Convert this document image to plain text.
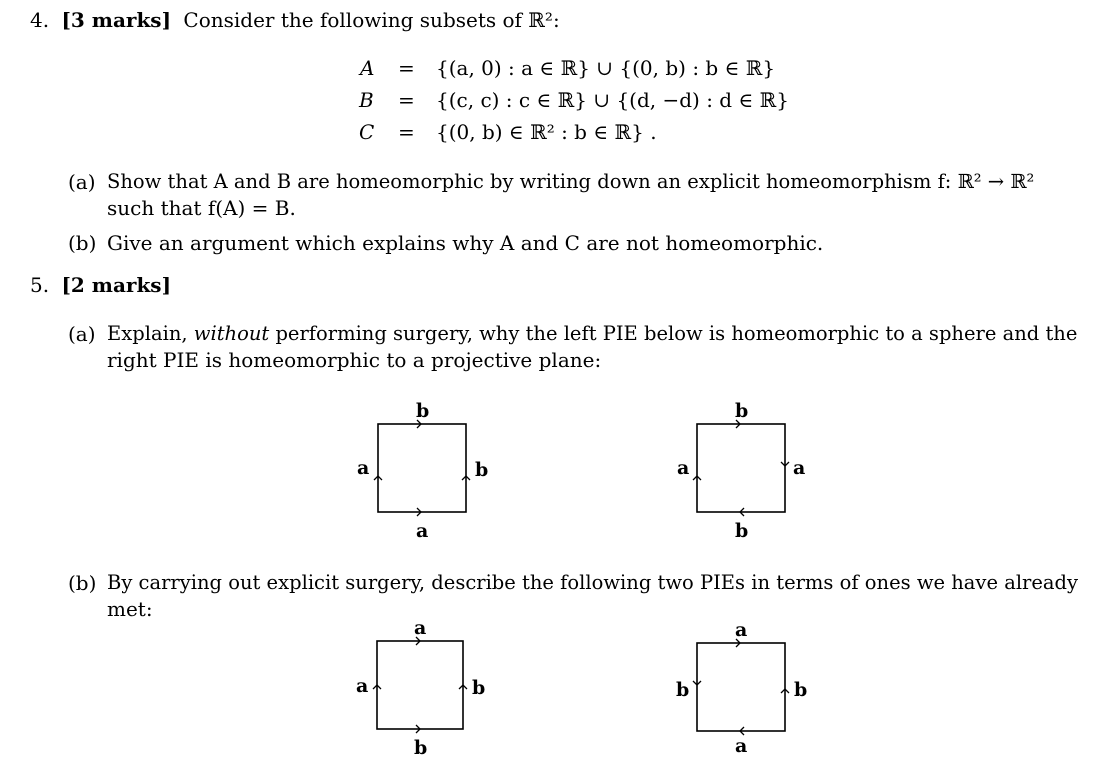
4. [3 marks] Consider the following subsets of ℝ²:
A = {(a, 0) : a ∈ ℝ} ∪ {(0, b) : b ∈ ℝ}
B = {(c, c) : c ∈ ℝ} ∪ {(d, −d) : d ∈ ℝ}
C = {(0, b) ∈ ℝ² : b ∈ ℝ} .
(a) Show that A and B are homeomorphic by writing down an explicit homeomorphism f: ℝ² → ℝ²
such that f(A) = B.
(b) Give an argument which explains why A and C are not homeomorphic.
5. [2 marks]
(a) Explain, without performing surgery, why the left PIE below is homeomorphic to a sphere and the
right PIE is homeomorphic to a projective plane:
(b) By carrying out explicit surgery, describe the following two PIEs in terms of ones we have already
met:
b
a
a	b
b
b
a	a
a
b
a	b
a
a
b	b
